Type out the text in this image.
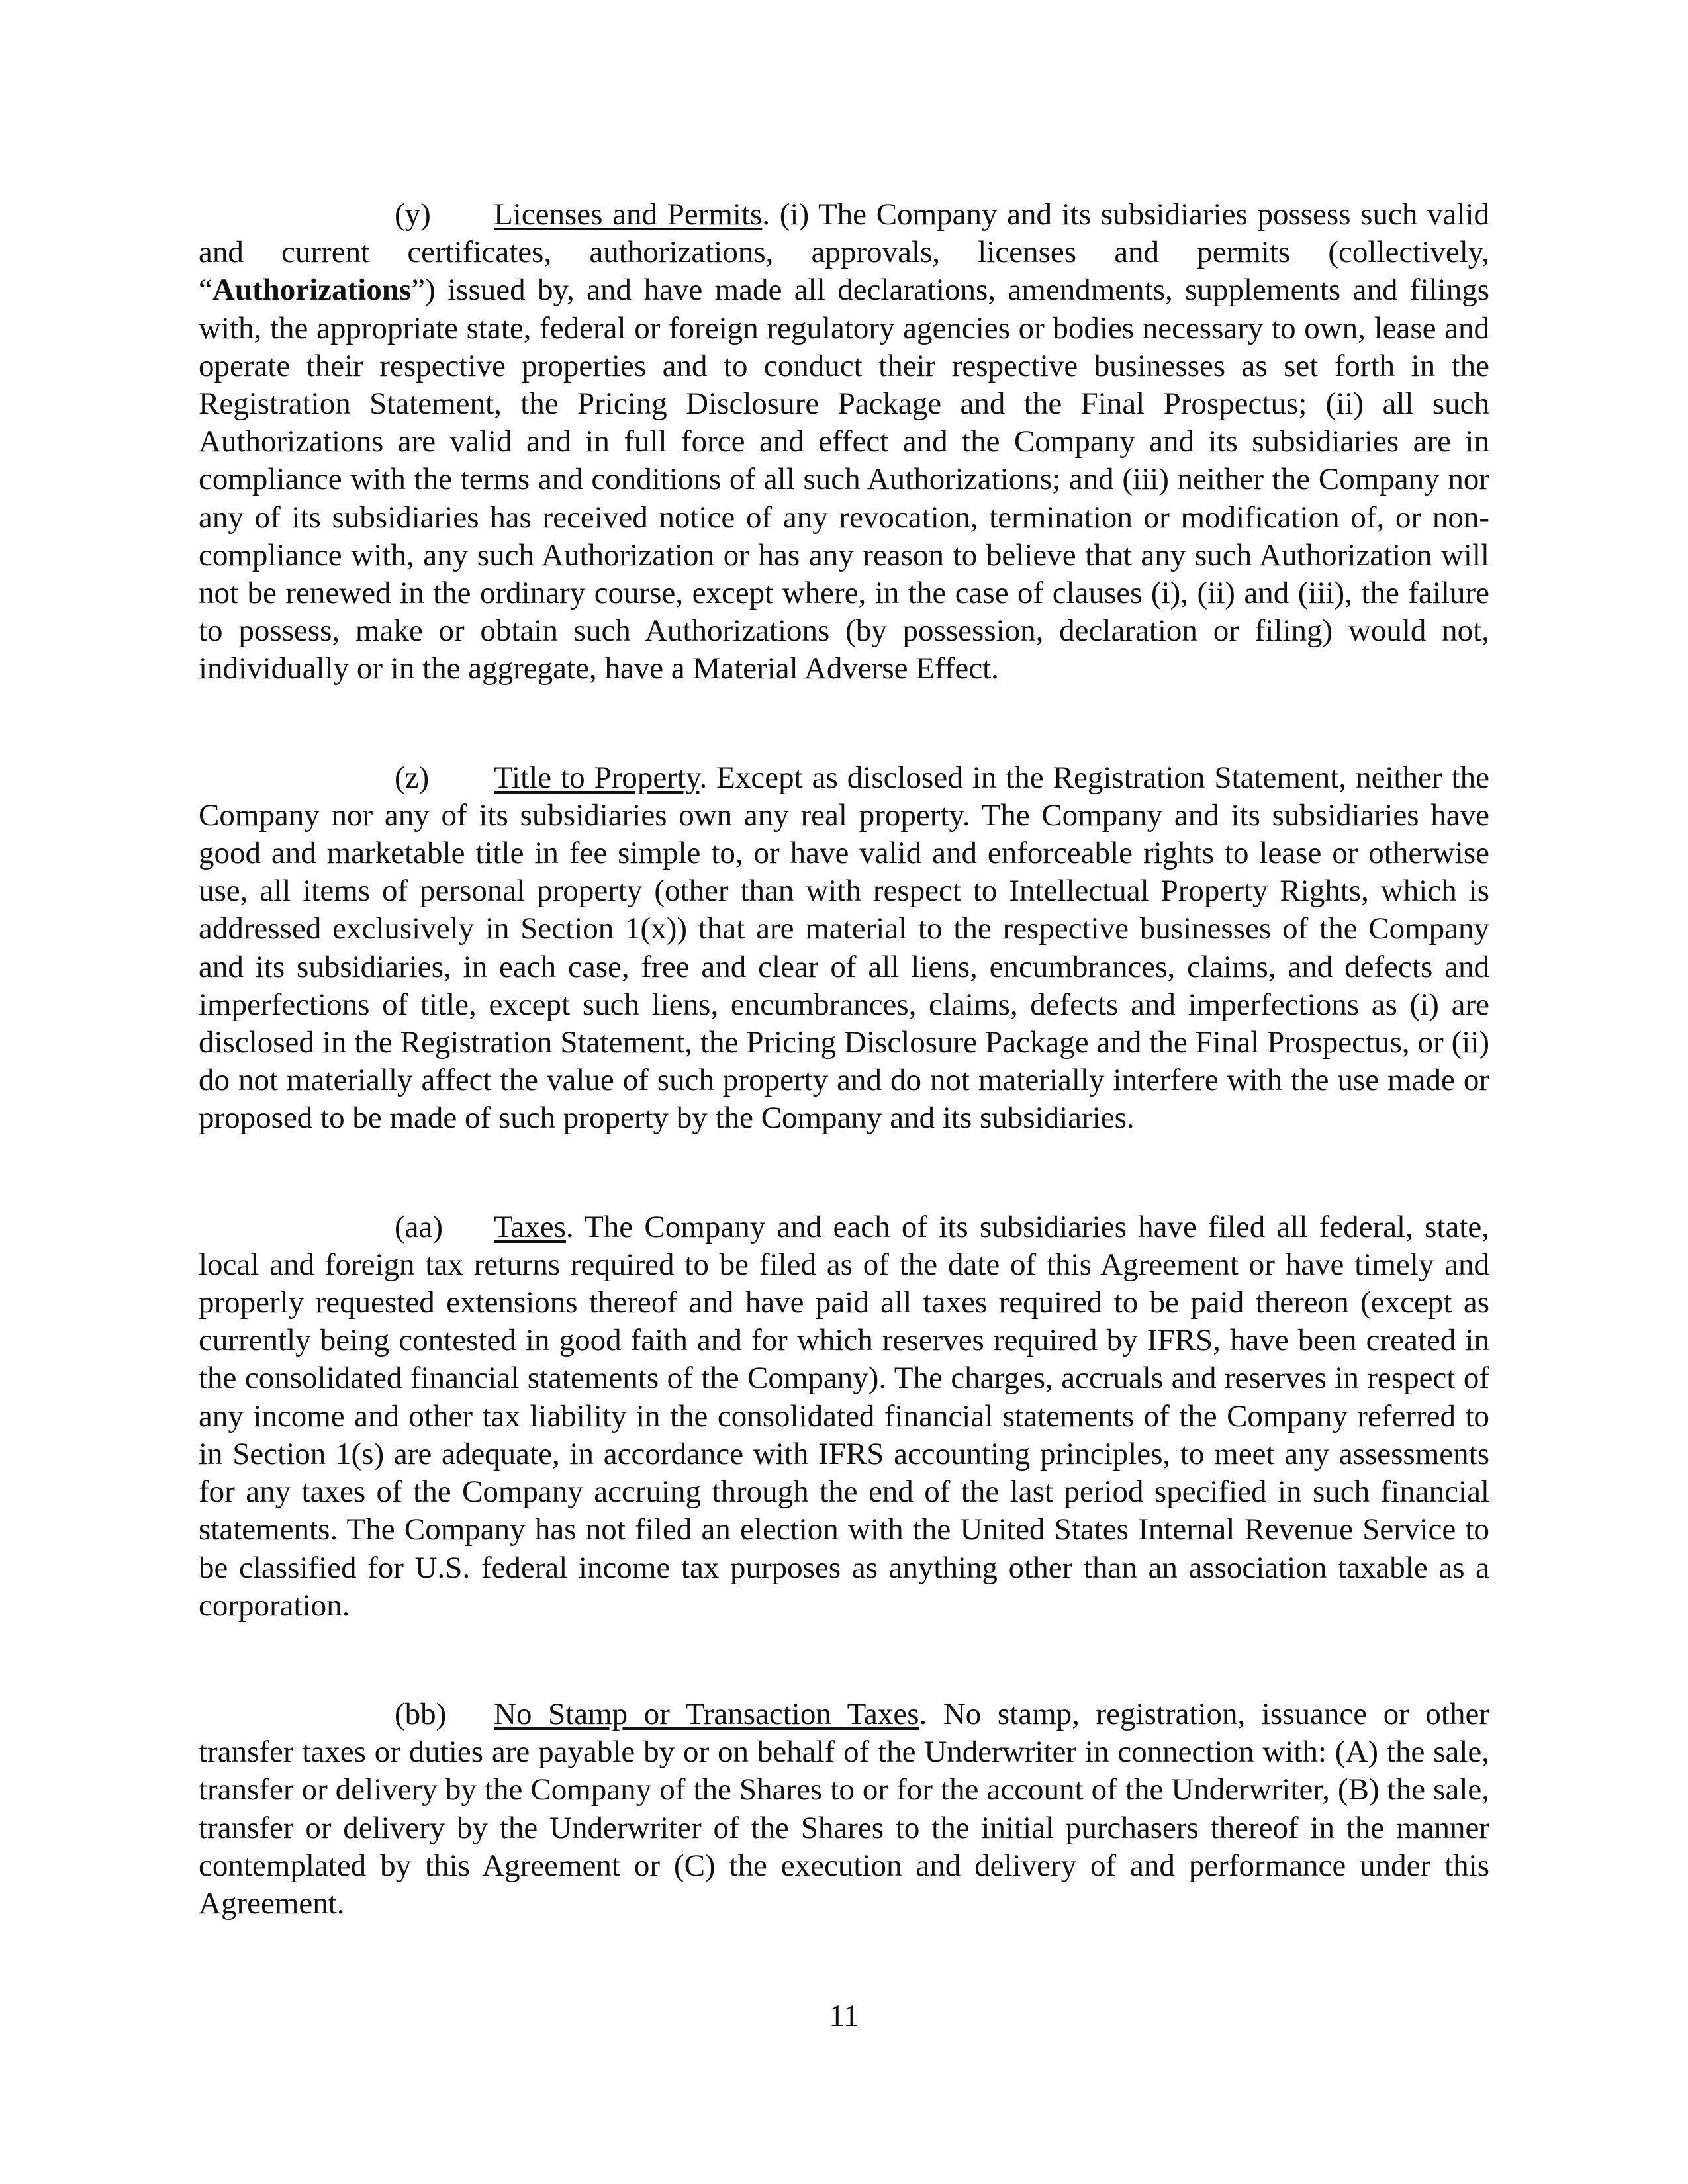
(y) Licenses and Permits. (i) The Company and its subsidiaries possess such valid and current certificates, authorizations, approvals, licenses and permits (collectively, “Authorizations”) issued by, and have made all declarations, amendments, supplements and filings with, the appropriate state, federal or foreign regulatory agencies or bodies necessary to own, lease and operate their respective properties and to conduct their respective businesses as set forth in the Registration Statement, the Pricing Disclosure Package and the Final Prospectus; (ii) all such Authorizations are valid and in full force and effect and the Company and its subsidiaries are in compliance with the terms and conditions of all such Authorizations; and (iii) neither the Company nor any of its subsidiaries has received notice of any revocation, termination or modification of, or non-compliance with, any such Authorization or has any reason to believe that any such Authorization will not be renewed in the ordinary course, except where, in the case of clauses (i), (ii) and (iii), the failure to possess, make or obtain such Authorizations (by possession, declaration or filing) would not, individually or in the aggregate, have a Material Adverse Effect.

(z) Title to Property. Except as disclosed in the Registration Statement, neither the Company nor any of its subsidiaries own any real property. The Company and its subsidiaries have good and marketable title in fee simple to, or have valid and enforceable rights to lease or otherwise use, all items of personal property (other than with respect to Intellectual Property Rights, which is addressed exclusively in Section 1(x)) that are material to the respective businesses of the Company and its subsidiaries, in each case, free and clear of all liens, encumbrances, claims, and defects and imperfections of title, except such liens, encumbrances, claims, defects and imperfections as (i) are disclosed in the Registration Statement, the Pricing Disclosure Package and the Final Prospectus, or (ii) do not materially affect the value of such property and do not materially interfere with the use made or proposed to be made of such property by the Company and its subsidiaries.

(aa) Taxes. The Company and each of its subsidiaries have filed all federal, state, local and foreign tax returns required to be filed as of the date of this Agreement or have timely and properly requested extensions thereof and have paid all taxes required to be paid thereon (except as currently being contested in good faith and for which reserves required by IFRS, have been created in the consolidated financial statements of the Company). The charges, accruals and reserves in respect of any income and other tax liability in the consolidated financial statements of the Company referred to in Section 1(s) are adequate, in accordance with IFRS accounting principles, to meet any assessments for any taxes of the Company accruing through the end of the last period specified in such financial statements. The Company has not filed an election with the United States Internal Revenue Service to be classified for U.S. federal income tax purposes as anything other than an association taxable as a corporation.

(bb) No Stamp or Transaction Taxes. No stamp, registration, issuance or other transfer taxes or duties are payable by or on behalf of the Underwriter in connection with: (A) the sale, transfer or delivery by the Company of the Shares to or for the account of the Underwriter, (B) the sale, transfer or delivery by the Underwriter of the Shares to the initial purchasers thereof in the manner contemplated by this Agreement or (C) the execution and delivery of and performance under this Agreement.

11
